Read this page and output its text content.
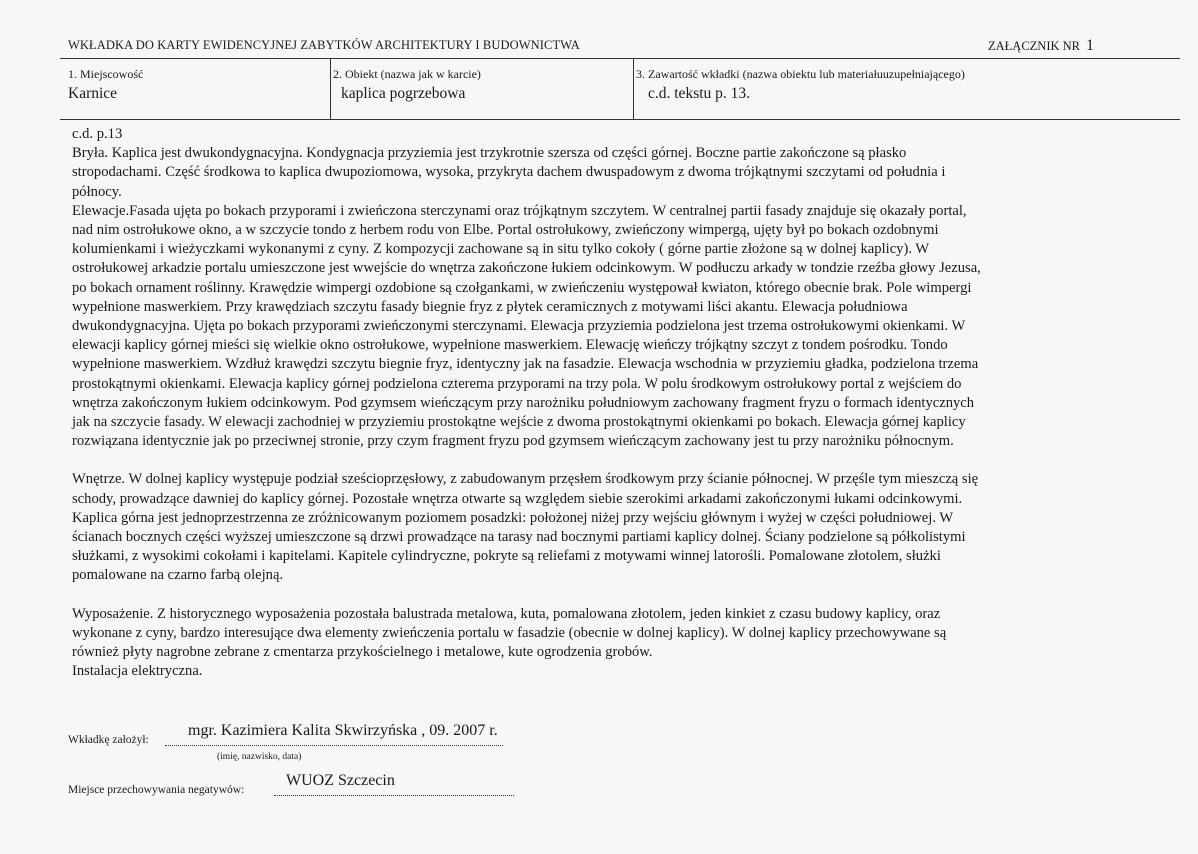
WKŁADKA DO KARTY EWIDENCYJNEJ ZABYTKÓW ARCHITEKTURY I BUDOWNICTWA	ZAŁĄCZNIK NR 1
1. Miejscowość
Karnice
2. Obiekt (nazwa jak w karcie)
kaplica pogrzebowa
3. Zawartość wkładki (nazwa obiektu lub materiałuuzupełniającego)
c.d. tekstu p. 13.

c.d. p.13

Bryła. Kaplica jest dwukondygnacyjna. Kondygnacja przyziemia jest trzykrotnie szersza od części górnej. Boczne partie zakończone są płasko

stropodachami. Część środkowa to kaplica dwupoziomowa, wysoka, przykryta dachem dwuspadowym z dwoma trójkątnymi szczytami od południa i

północy.

Elewacje.Fasada ujęta po bokach przyporami i zwieńczona sterczynami oraz trójkątnym szczytem. W centralnej partii fasady znajduje się okazały portal,

nad nim ostrołukowe okno, a w szczycie tondo z herbem rodu von Elbe. Portal ostrołukowy, zwieńczony wimpergą, ujęty był po bokach ozdobnymi

kolumienkami i wieżyczkami wykonanymi z cyny. Z kompozycji zachowane są in situ tylko cokoły ( górne partie złożone są w dolnej kaplicy). W

ostrołukowej arkadzie portalu umieszczone jest wwejście do wnętrza zakończone łukiem odcinkowym. W podłuczu arkady w tondzie rzeźba głowy Jezusa,

po bokach ornament roślinny. Krawędzie wimpergi ozdobione są czołgankami, w zwieńczeniu występował kwiaton, którego obecnie brak. Pole wimpergi

wypełnione maswerkiem. Przy krawędziach szczytu fasady biegnie fryz z płytek ceramicznych z motywami liści akantu. Elewacja południowa

dwukondygnacyjna. Ujęta po bokach przyporami zwieńczonymi sterczynami. Elewacja przyziemia podzielona jest trzema ostrołukowymi okienkami. W

elewacji kaplicy górnej mieści się wielkie okno ostrołukowe, wypełnione maswerkiem. Elewację wieńczy trójkątny szczyt z tondem pośrodku. Tondo

wypełnione maswerkiem. Wzdłuż krawędzi szczytu biegnie fryz, identyczny jak na fasadzie. Elewacja wschodnia w przyziemiu gładka, podzielona trzema

prostokątnymi okienkami. Elewacja kaplicy górnej podzielona czterema przyporami na trzy pola. W polu środkowym ostrołukowy portal z wejściem do

wnętrza zakończonym łukiem odcinkowym. Pod gzymsem wieńczącym przy narożniku południowym zachowany fragment fryzu o formach identycznych

jak na szczycie fasady. W elewacji zachodniej w przyziemiu prostokątne wejście z dwoma prostokątnymi okienkami po bokach. Elewacja górnej kaplicy

rozwiązana identycznie jak po przeciwnej stronie, przy czym fragment fryzu pod gzymsem wieńczącym zachowany jest tu przy narożniku północnym.

Wnętrze. W dolnej kaplicy występuje podział sześcioprzęsłowy, z zabudowanym przęsłem środkowym przy ścianie północnej. W przęśle tym mieszczą się

schody, prowadzące dawniej do kaplicy górnej. Pozostałe wnętrza otwarte są względem siebie szerokimi arkadami zakończonymi łukami odcinkowymi.

Kaplica górna jest jednoprzestrzenna ze zróżnicowanym poziomem posadzki: położonej niżej przy wejściu głównym i wyżej w części południowej. W

ścianach bocznych części wyższej umieszczone są drzwi prowadzące na tarasy nad bocznymi partiami kaplicy dolnej. Ściany podzielone są półkolistymi

służkami, z wysokimi cokołami i kapitelami. Kapitele cylindryczne, pokryte są reliefami z motywami winnej latorośli. Pomalowane złotolem, służki

pomalowane na czarno farbą olejną.

Wyposażenie. Z historycznego wyposażenia pozostała balustrada metalowa, kuta, pomalowana złotolem, jeden kinkiet z czasu budowy kaplicy, oraz

wykonane z cyny, bardzo interesujące dwa elementy zwieńczenia portalu w fasadzie (obecnie w dolnej kaplicy). W dolnej kaplicy przechowywane są

również płyty nagrobne zebrane z cmentarza przykościelnego i metalowe, kute ogrodzenia grobów.

Instalacja elektryczna.

Wkładkę założył:
mgr. Kazimiera Kalita Skwirzyńska , 09. 2007 r.
(imię, nazwisko, data)
Miejsce przechowywania negatywów:
WUOZ Szczecin
